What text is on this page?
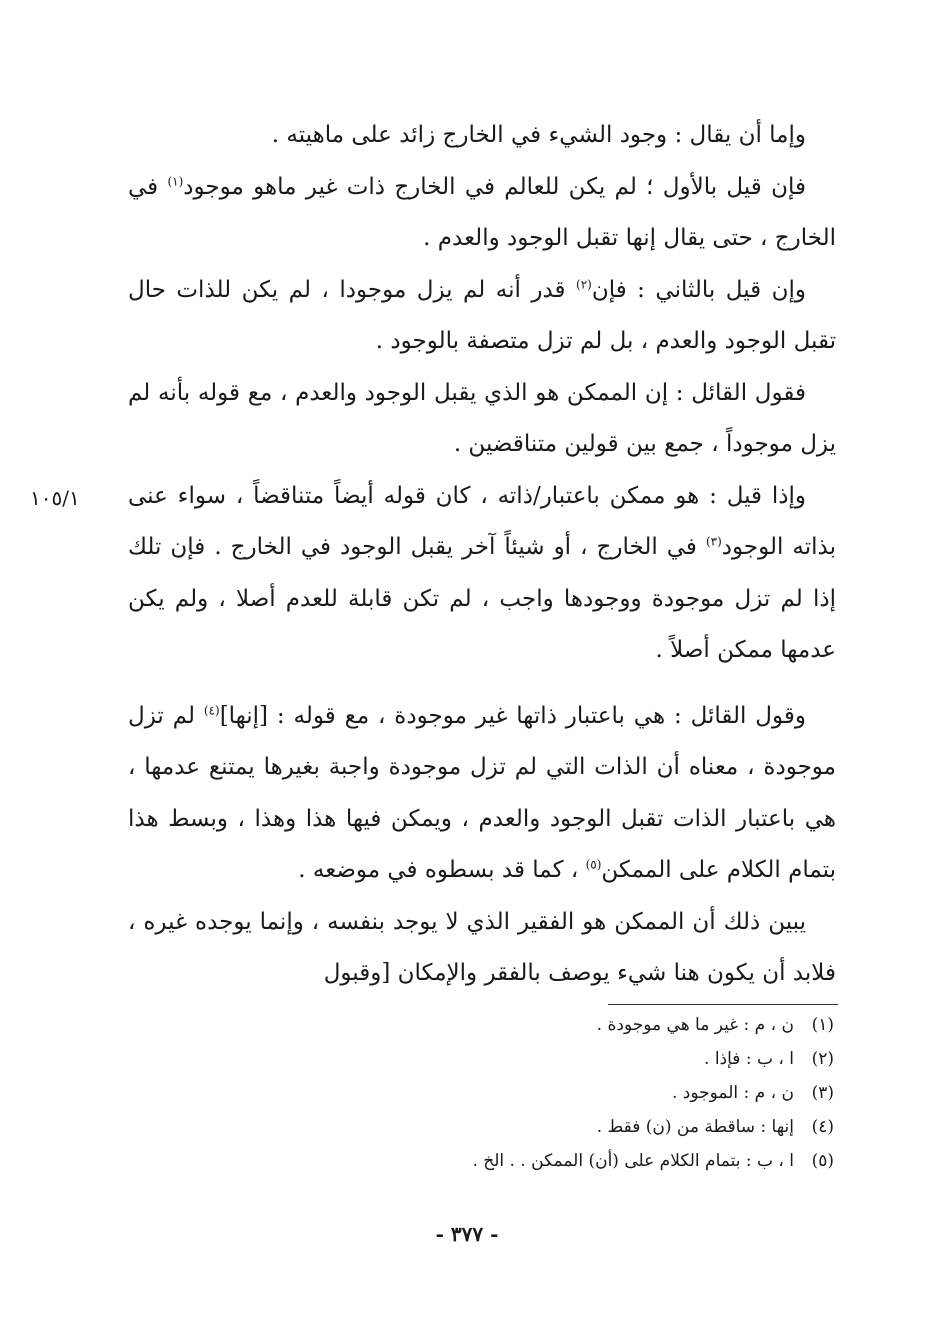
١٠٥/١

وإما أن يقال : وجود الشيء في الخارج زائد على ماهيته .

فإن قيل بالأول ؛ لم يكن للعالم في الخارج ذات غير ماهو موجود$^{(١)}$ في الخارج ، حتى يقال إنها تقبل الوجود والعدم .

وإن قيل بالثاني : فإن$^{(٢)}$ قدر أنه لم يزل موجودا ، لم يكن للذات حال تقبل الوجود والعدم ، بل لم تزل متصفة بالوجود .

فقول القائل : إن الممكن هو الذي يقبل الوجود والعدم ، مع قوله بأنه لم يزل موجوداً ، جمع بين قولين متناقضين .

وإذا قيل : هو ممكن باعتبار/ذاته ، كان قوله أيضاً متناقضاً ، سواء عنى بذاته الوجود$^{(٣)}$ في الخارج ، أو شيئاً آخر يقبل الوجود في الخارج . فإن تلك إذا لم تزل موجودة ووجودها واجب ، لم تكن قابلة للعدم أصلا ، ولم يكن عدمها ممكن أصلاً .

وقول القائل : هي باعتبار ذاتها غير موجودة ، مع قوله : [إنها]$^{(٤)}$ لم تزل موجودة ، معناه أن الذات التي لم تزل موجودة واجبة بغيرها يمتنع عدمها ، هي باعتبار الذات تقبل الوجود والعدم ، ويمكن فيها هذا وهذا ، وبسط هذا بتمام الكلام على الممكن$^{(٥)}$ ، كما قد بسطوه في موضعه .

يبين ذلك أن الممكن هو الفقير الذي لا يوجد بنفسه ، وإنما يوجده غيره ، فلابد أن يكون هنا شيء يوصف بالفقر والإمكان [وقبول

(١)ن ، م : غير ما هي موجودة .
(٢)ا ، ب : فإذا .
(٣)ن ، م : الموجود .
(٤)إنها : ساقطة من (ن) فقط .
(٥)ا ، ب : بتمام الكلام على (أن) الممكن . . الخ .
- ٣٧٧ -
